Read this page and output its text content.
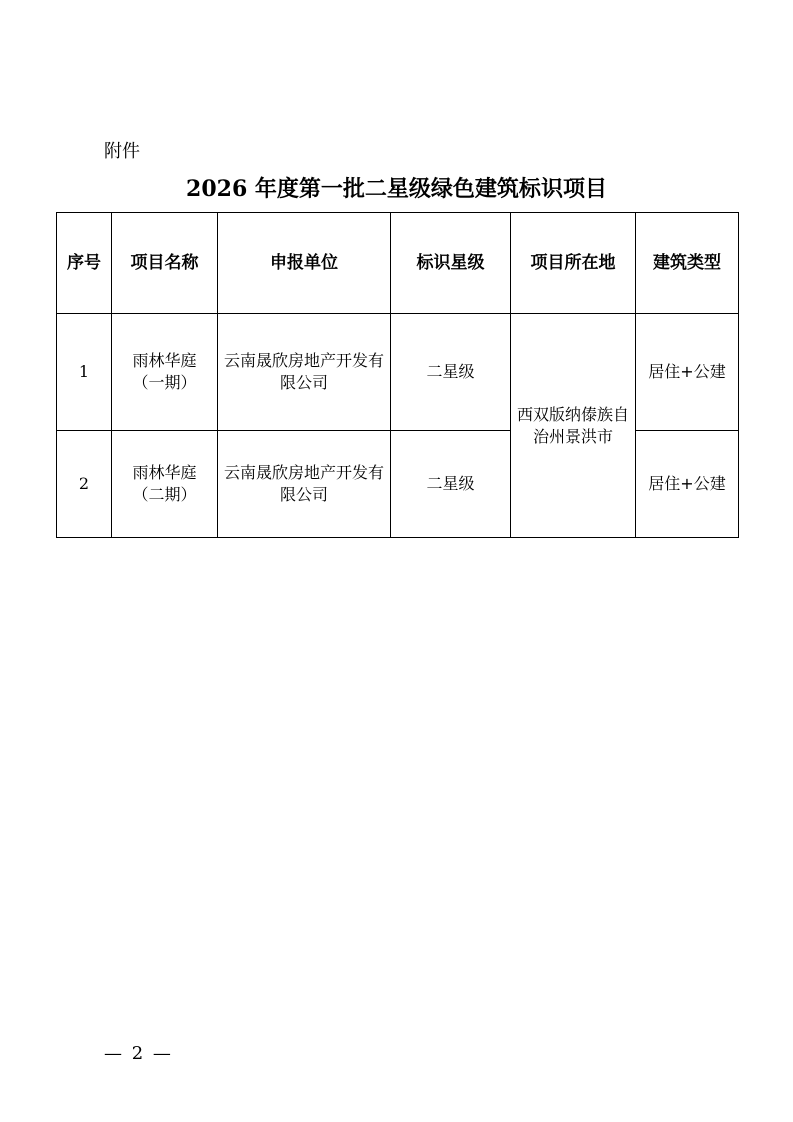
附件
2026 年度第一批二星级绿色建筑标识项目
序号	项目名称	申报单位	标识星级	项目所在地	建筑类型
1	雨林华庭（一期）	云南晟欣房地产开发有限公司	二星级	西双版纳傣族自治州景洪市	居住+公建
2	雨林华庭（二期）	云南晟欣房地产开发有限公司	二星级		居住+公建
— 2 —
